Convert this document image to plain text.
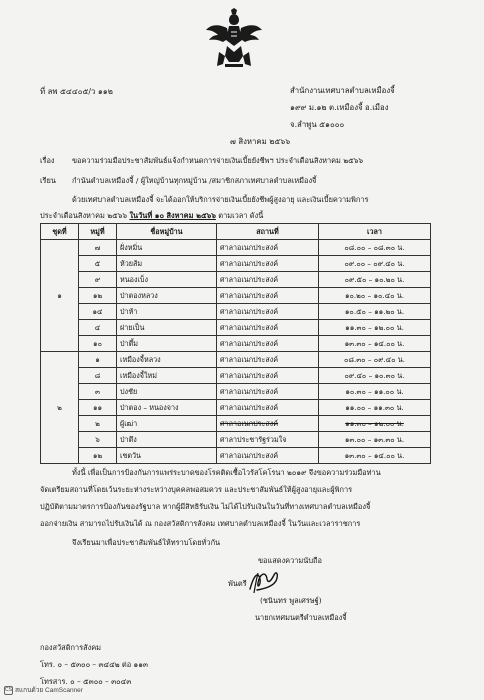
ที่ ลพ ๕๔๔๐๕/ว ๑๑๒	สำนักงานเทศบาลตำบลเหมืองจี้
๑๙๙ ม.๑๒ ต.เหมืองจี้ อ.เมือง
จ.ลำพูน ๕๑๐๐๐
๗ สิงหาคม ๒๕๖๖
เรื่อง ขอความร่วมมือประชาสัมพันธ์แจ้งกำหนดการจ่ายเงินเบี้ยยังชีพฯ ประจำเดือนสิงหาคม ๒๕๖๖
เรียน กำนันตำบลเหมืองจี้ / ผู้ใหญ่บ้านทุกหมู่บ้าน /สมาชิกสภาเทศบาลตำบลเหมืองจี้
ด้วยเทศบาลตำบลเหมืองจี้ จะได้ออกให้บริการจ่ายเงินเบี้ยยังชีพผู้สูงอายุ และเงินเบี้ยความพิการ
ประจำเดือนสิงหาคม ๒๕๖๖ ในวันที่ ๑๐ สิงหาคม ๒๕๖๖ ตามเวลา ดังนี้
ชุดที่	หมู่ที่	ชื่อหมู่บ้าน	สถานที่	เวลา
๑	๗	ฝั่งหมิ่น	ศาลาอเนกประสงค์	๐๘.๐๐ – ๐๘.๓๐ น.
	๕	ห้วยส้ม	ศาลาอเนกประสงค์	๐๙.๐๐ – ๐๙.๔๐ น.
	๙	หนองเบ็ง	ศาลาอเนกประสงค์	๐๙.๕๐ – ๑๐.๒๐ น.
	๑๒	ป่าตองหลวง	ศาลาอเนกประสงค์	๑๐.๒๐ – ๑๐.๔๐ น.
	๑๔	ป่าห้า	ศาลาอเนกประสงค์	๑๐.๕๐ – ๑๑.๒๐ น.
	๔	ฝายเป็น	ศาลาอเนกประสงค์	๑๑.๓๐ – ๑๒.๐๐ น.
	๑๐	ป่าตึ้ม	ศาลาอเนกประสงค์	๑๓.๓๐ – ๑๔.๐๐ น.
๒	๑	เหมืองจี้หลวง	ศาลาอเนกประสงค์	๐๘.๓๐ – ๐๙.๔๐ น.
	๘	เหมืองจี้ใหม่	ศาลาอเนกประสงค์	๐๙.๔๐ – ๑๐.๓๐ น.
	๓	ปงชัย	ศาลาอเนกประสงค์	๑๐.๓๐ – ๑๑.๐๐ น.
	๑๑	ป่าตอง – หนองจาง	ศาลาอเนกประสงค์	๑๑.๐๐ – ๑๑.๓๐ น.
	๒	ผู้เฒ่า	ศาลาอเนกประสงค์	๑๑.๓๐ – ๑๒.๐๐ น.
	๖	ป่าตึง	ศาลาประชารัฐร่วมใจ	๑๓.๐๐ – ๑๓.๓๐ น.
	๑๒	เชตวัน	ศาลาอเนกประสงค์	๑๓.๓๐ – ๑๔.๐๐ น.
ทั้งนี้ เพื่อเป็นการป้องกันการแพร่ระบาดของโรคติดเชื้อไวรัสโคโรนา ๒๐๑๙ จึงขอความร่วมมือท่าน
จัดเตรียมสถานที่โดยเว้นระยะห่างระหว่างบุคคลพอสมควร และประชาสัมพันธ์ให้ผู้สูงอายุและผู้พิการ
ปฏิบัติตามมาตรการป้องกันของรัฐบาล หากผู้มีสิทธิรับเงิน ไม่ได้ไปรับเงินในวันที่ทางเทศบาลตำบลเหมืองจี้
ออกจ่ายเงิน สามารถไปรับเงินได้ ณ กองสวัสดิการสังคม เทศบาลตำบลเหมืองจี้ ในวันและเวลาราชการ
จึงเรียนมาเพื่อประชาสัมพันธ์ให้ทราบโดยทั่วกัน
ขอแสดงความนับถือ
พันตรี
(ชนินทร พูลเศรษฐ์)
นายกเทศมนตรีตำบลเหมืองจี้
กองสวัสดิการสังคม
โทร. ๐ – ๕๓๐๐ – ๓๔๔๒ ต่อ ๑๑๓
โทรสาร. ๐ – ๕๓๐๐ – ๓๐๔๓
CS สแกนด้วย CamScanner
